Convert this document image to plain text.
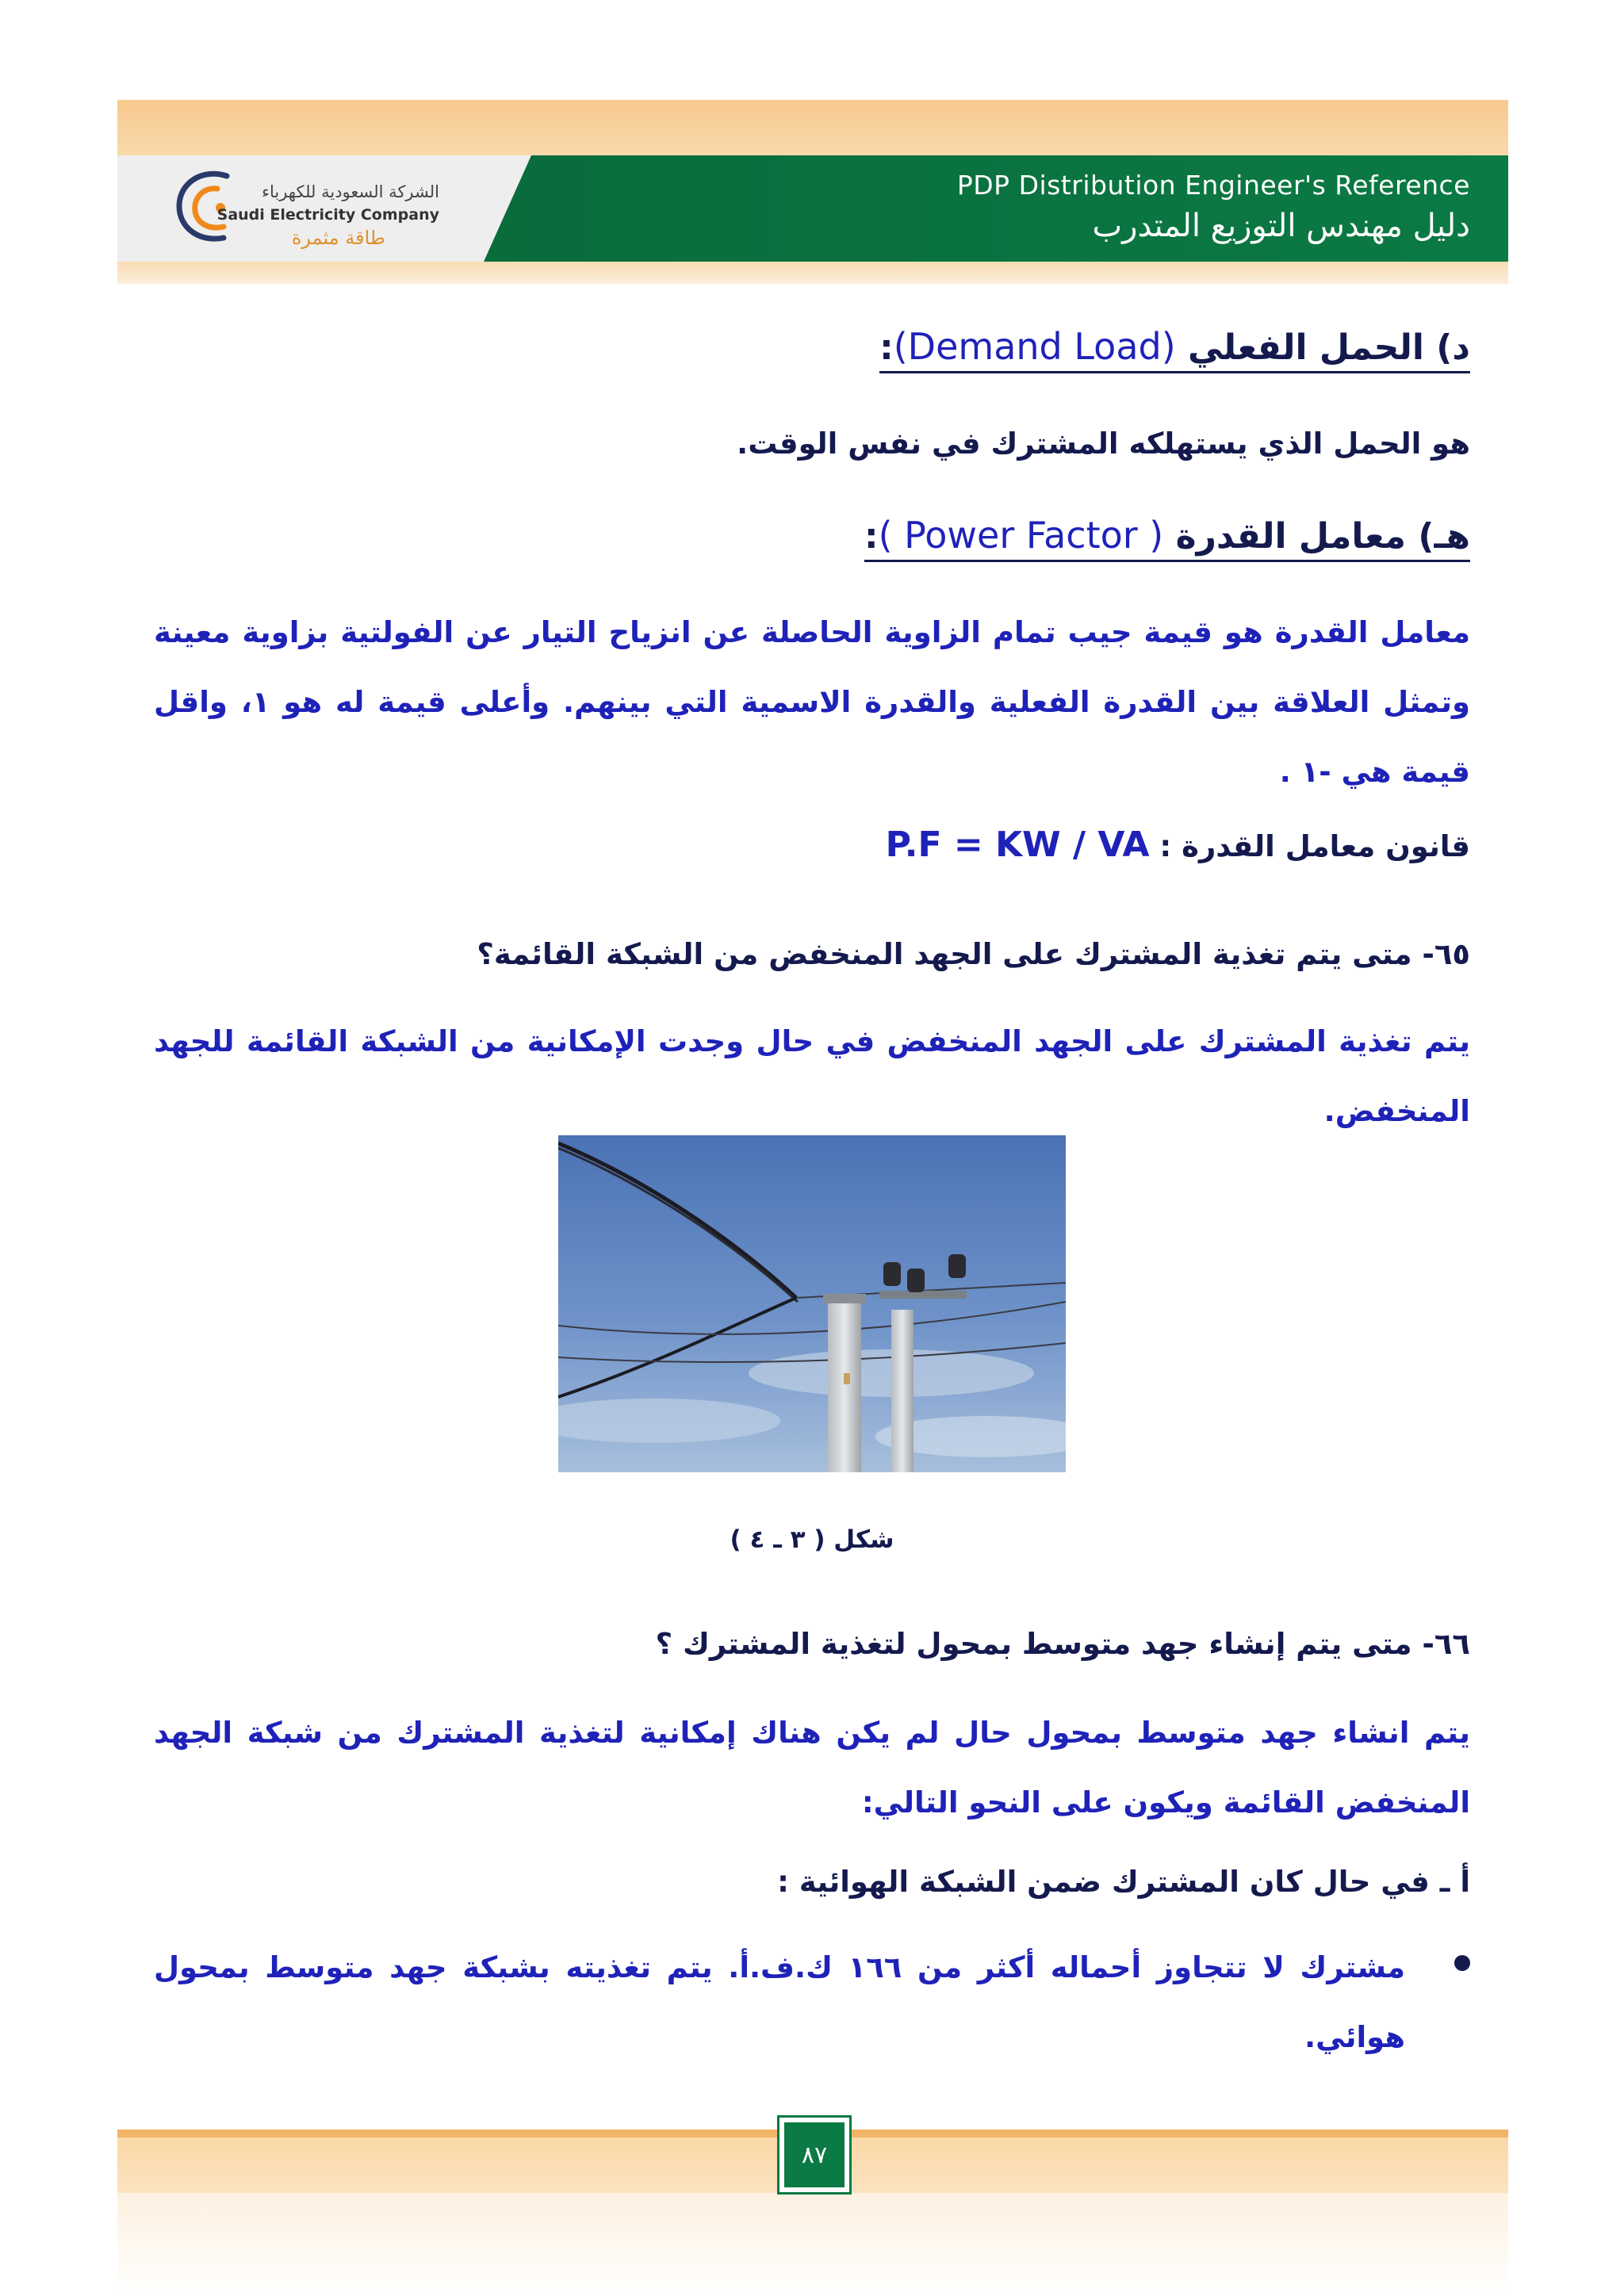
PDP Distribution Engineer's Reference
دليل مهندس التوزيع المتدرب
الشركة السعودية للكهرباء
Saudi Electricity Company
طاقة مثمرة
د) الحمل الفعلي (Demand Load):
هو الحمل الذي يستهلكه المشترك في نفس الوقت.
هـ) معامل القدرة ( Power Factor ):
معامل القدرة هو قيمة جيب تمام الزاوية الحاصلة عن انزياح التيار عن الفولتية بزاوية معينة وتمثل العلاقة بين القدرة الفعلية والقدرة الاسمية التي بينهم. وأعلى قيمة له هو ١، واقل قيمة هي -١ .
قانون معامل القدرة : P.F = KW / VA
٦٥- متى يتم تغذية المشترك على الجهد المنخفض من الشبكة القائمة؟
يتم تغذية المشترك على الجهد المنخفض في حال وجدت الإمكانية من الشبكة القائمة للجهد المنخفض.
شكل ( ٣ ـ ٤ )
٦٦- متى يتم إنشاء جهد متوسط بمحول لتغذية المشترك ؟
يتم انشاء جهد متوسط بمحول حال لم يكن هناك إمكانية لتغذية المشترك من شبكة الجهد المنخفض القائمة ويكون على النحو التالي:
أ ـ في حال كان المشترك ضمن الشبكة الهوائية :
مشترك لا تتجاوز أحماله أكثر من ١٦٦ ك.ف.أ. يتم تغذيته بشبكة جهد متوسط بمحول هوائي.
٨٧
